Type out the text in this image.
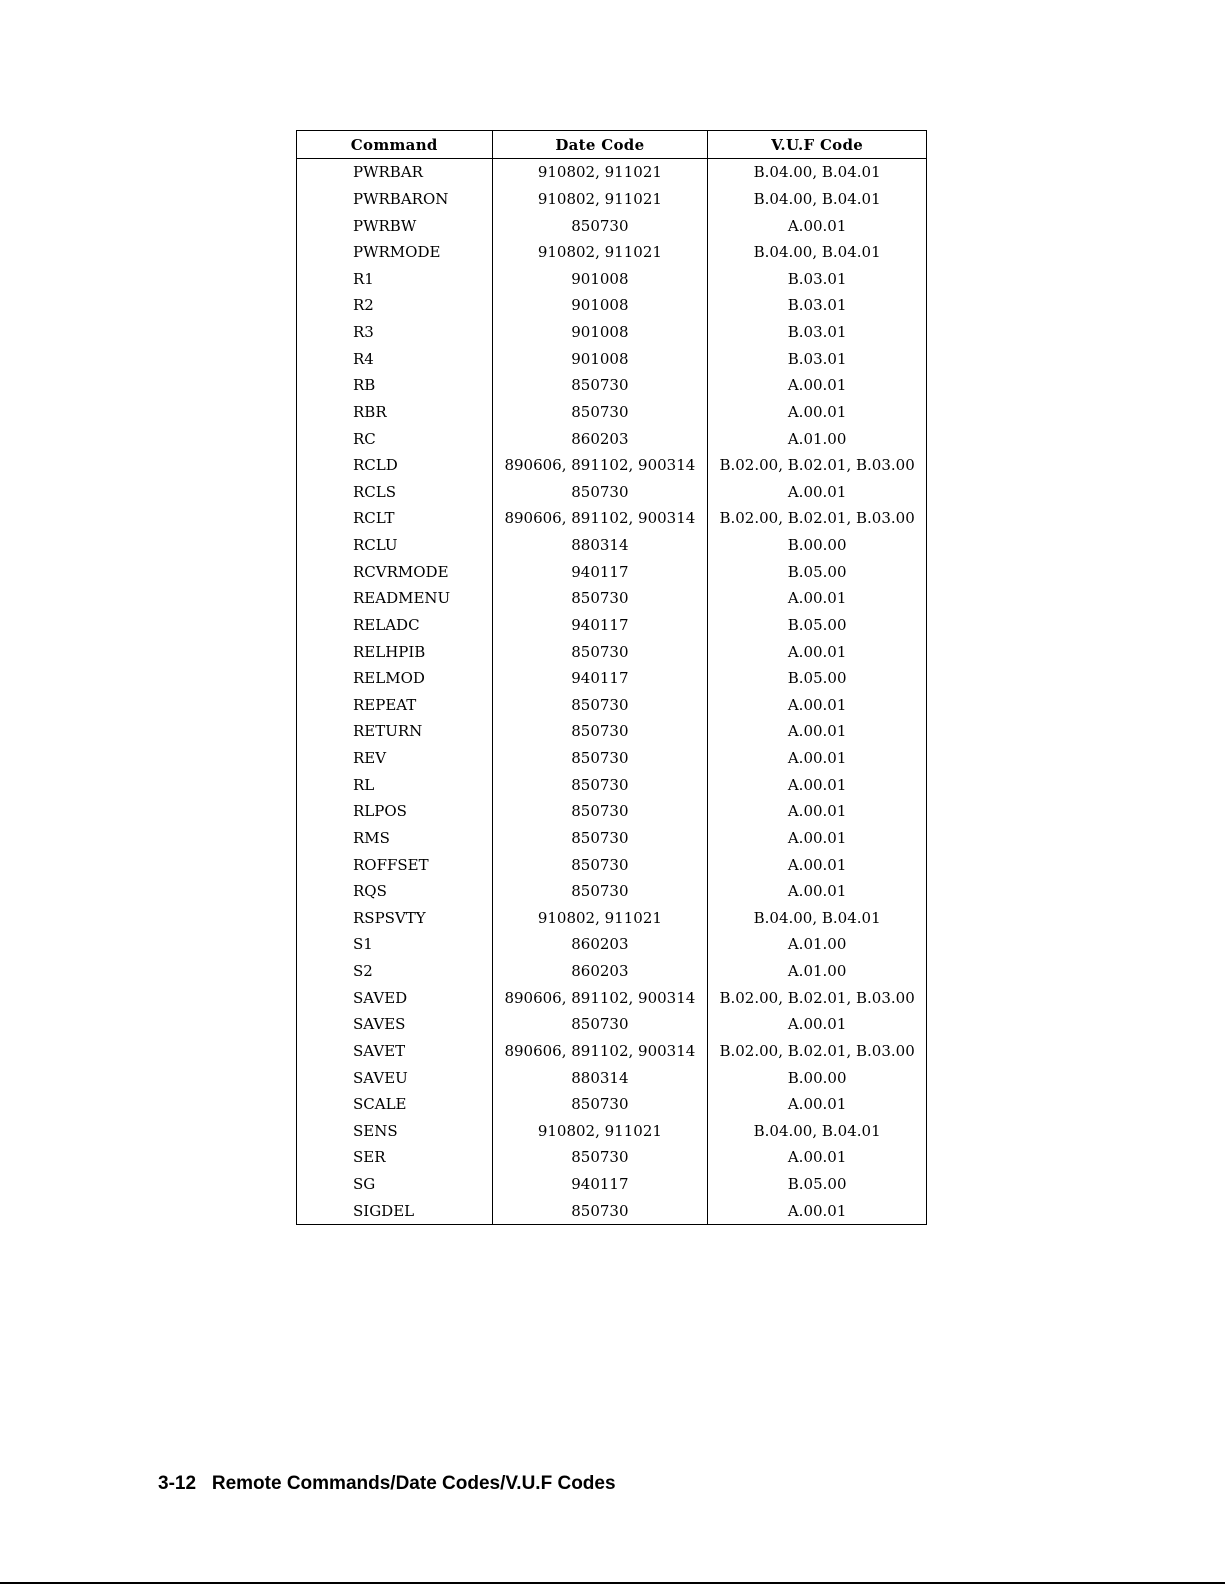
Command	Date Code	V.U.F Code
PWRBAR	910802, 911021	B.04.00, B.04.01
PWRBARON	910802, 911021	B.04.00, B.04.01
PWRBW	850730	A.00.01
PWRMODE	910802, 911021	B.04.00, B.04.01
R1	901008	B.03.01
R2	901008	B.03.01
R3	901008	B.03.01
R4	901008	B.03.01
RB	850730	A.00.01
RBR	850730	A.00.01
RC	860203	A.01.00
RCLD	890606, 891102, 900314	B.02.00, B.02.01, B.03.00
RCLS	850730	A.00.01
RCLT	890606, 891102, 900314	B.02.00, B.02.01, B.03.00
RCLU	880314	B.00.00
RCVRMODE	940117	B.05.00
READMENU	850730	A.00.01
RELADC	940117	B.05.00
RELHPIB	850730	A.00.01
RELMOD	940117	B.05.00
REPEAT	850730	A.00.01
RETURN	850730	A.00.01
REV	850730	A.00.01
RL	850730	A.00.01
RLPOS	850730	A.00.01
RMS	850730	A.00.01
ROFFSET	850730	A.00.01
RQS	850730	A.00.01
RSPSVTY	910802, 911021	B.04.00, B.04.01
S1	860203	A.01.00
S2	860203	A.01.00
SAVED	890606, 891102, 900314	B.02.00, B.02.01, B.03.00
SAVES	850730	A.00.01
SAVET	890606, 891102, 900314	B.02.00, B.02.01, B.03.00
SAVEU	880314	B.00.00
SCALE	850730	A.00.01
SENS	910802, 911021	B.04.00, B.04.01
SER	850730	A.00.01
SG	940117	B.05.00
SIGDEL	850730	A.00.01
3-12 Remote Commands/Date Codes/V.U.F Codes
